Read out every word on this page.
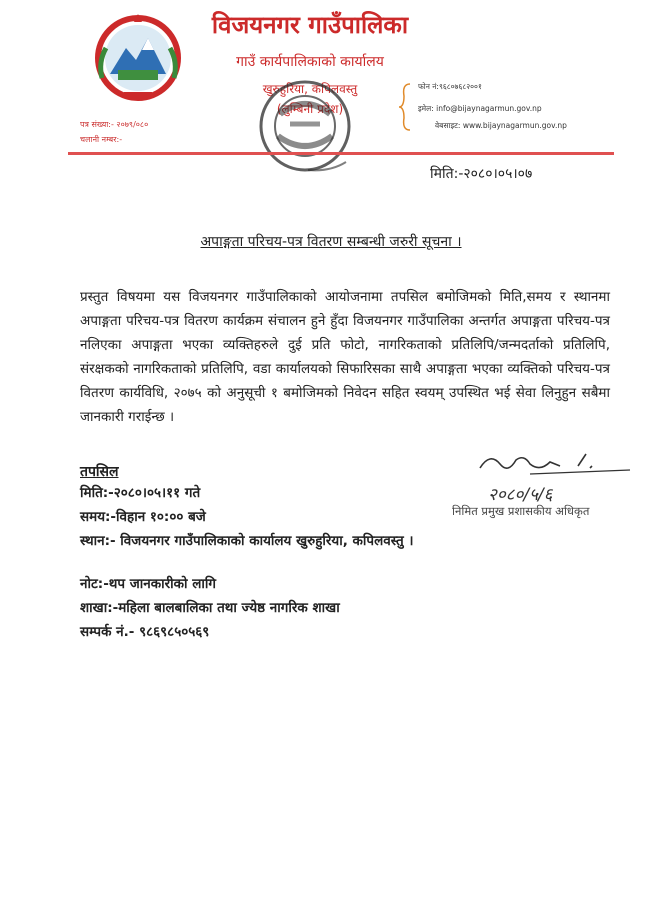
विजयनगर गाउँपालिका
गाउँ कार्यपालिकाको कार्यालय
खुरुहुरिया, कपिलवस्तु
(लुम्बिनी प्रदेश)
पत्र संख्या:- २०७९/०८०
चलानी नम्बर:-
फोन नं:९६८०७६८२००१
इमेल: info@bijaynagarmun.gov.np
वेबसाइट: www.bijaynagarmun.gov.np
मिति:-२०८०।०५।०७
अपाङ्गता परिचय-पत्र वितरण सम्बन्धी जरुरी सूचना ।
प्रस्तुत विषयमा यस विजयनगर गाउँपालिकाको आयोजनामा तपसिल बमोजिमको मिति,समय र स्थानमा अपाङ्गता परिचय-पत्र वितरण कार्यक्रम संचालन हुने हुँदा विजयनगर गाउँपालिका अन्तर्गत अपाङ्गता परिचय-पत्र नलिएका अपाङ्गता भएका व्यक्तिहरुले दुई प्रति फोटो, नागरिकताको प्रतिलिपि/जन्मदर्ताको प्रतिलिपि, संरक्षकको नागरिकताको प्रतिलिपि, वडा कार्यालयको सिफारिसका साथै अपाङ्गता भएका व्यक्तिको परिचय-पत्र वितरण कार्यविधि, २०७५ को अनुसूची १ बमोजिमको निवेदन सहित स्वयम् उपस्थित भई सेवा लिनुहुन सबैमा जानकारी गराईन्छ ।
२०८०/५/६
निमित प्रमुख प्रशासकीय अधिकृत
तपसिल
मिति:-२०८०।०५।११ गते
समय:-विहान १०:०० बजे
स्थान:- विजयनगर गाउँपालिकाको कार्यालय खुरुहुरिया, कपिलवस्तु ।
नोट:-थप जानकारीको लागि
शाखा:-महिला बालबालिका तथा ज्येष्ठ नागरिक शाखा
सम्पर्क नं.- ९८६९८५०५६९
